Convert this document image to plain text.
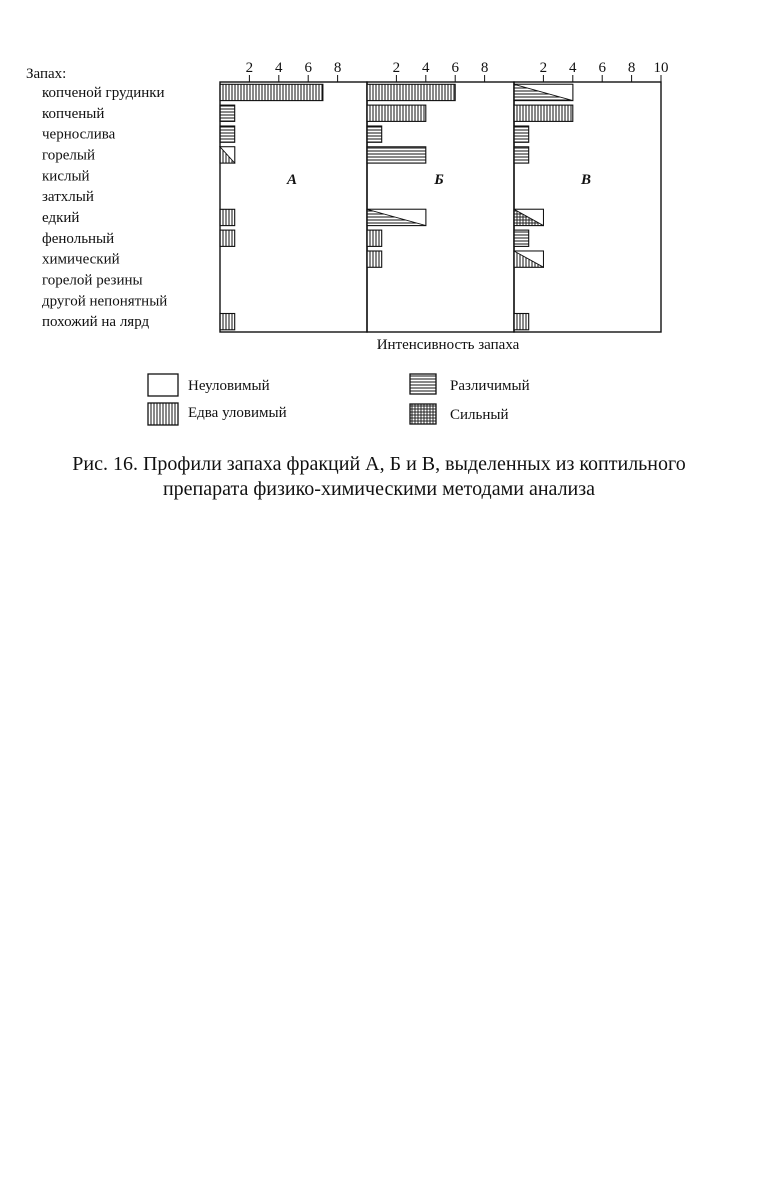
Запах:
копченой грудинки
копченый
чернослива
горелый
кислый
затхлый
едкий
фенольный
химический
горелой резины
другой непонятный
похожий на лярд
2 4 6 8
А
2 4 6 8
Б
2 4 6 8 10
В
Интенсивность запаха
Неуловимый	Различимый
Едва уловимый	Сильный
Рис. 16. Профили запаха фракций А, Б и В, выделенных из коптильного
препарата физико-химическими методами анализа
